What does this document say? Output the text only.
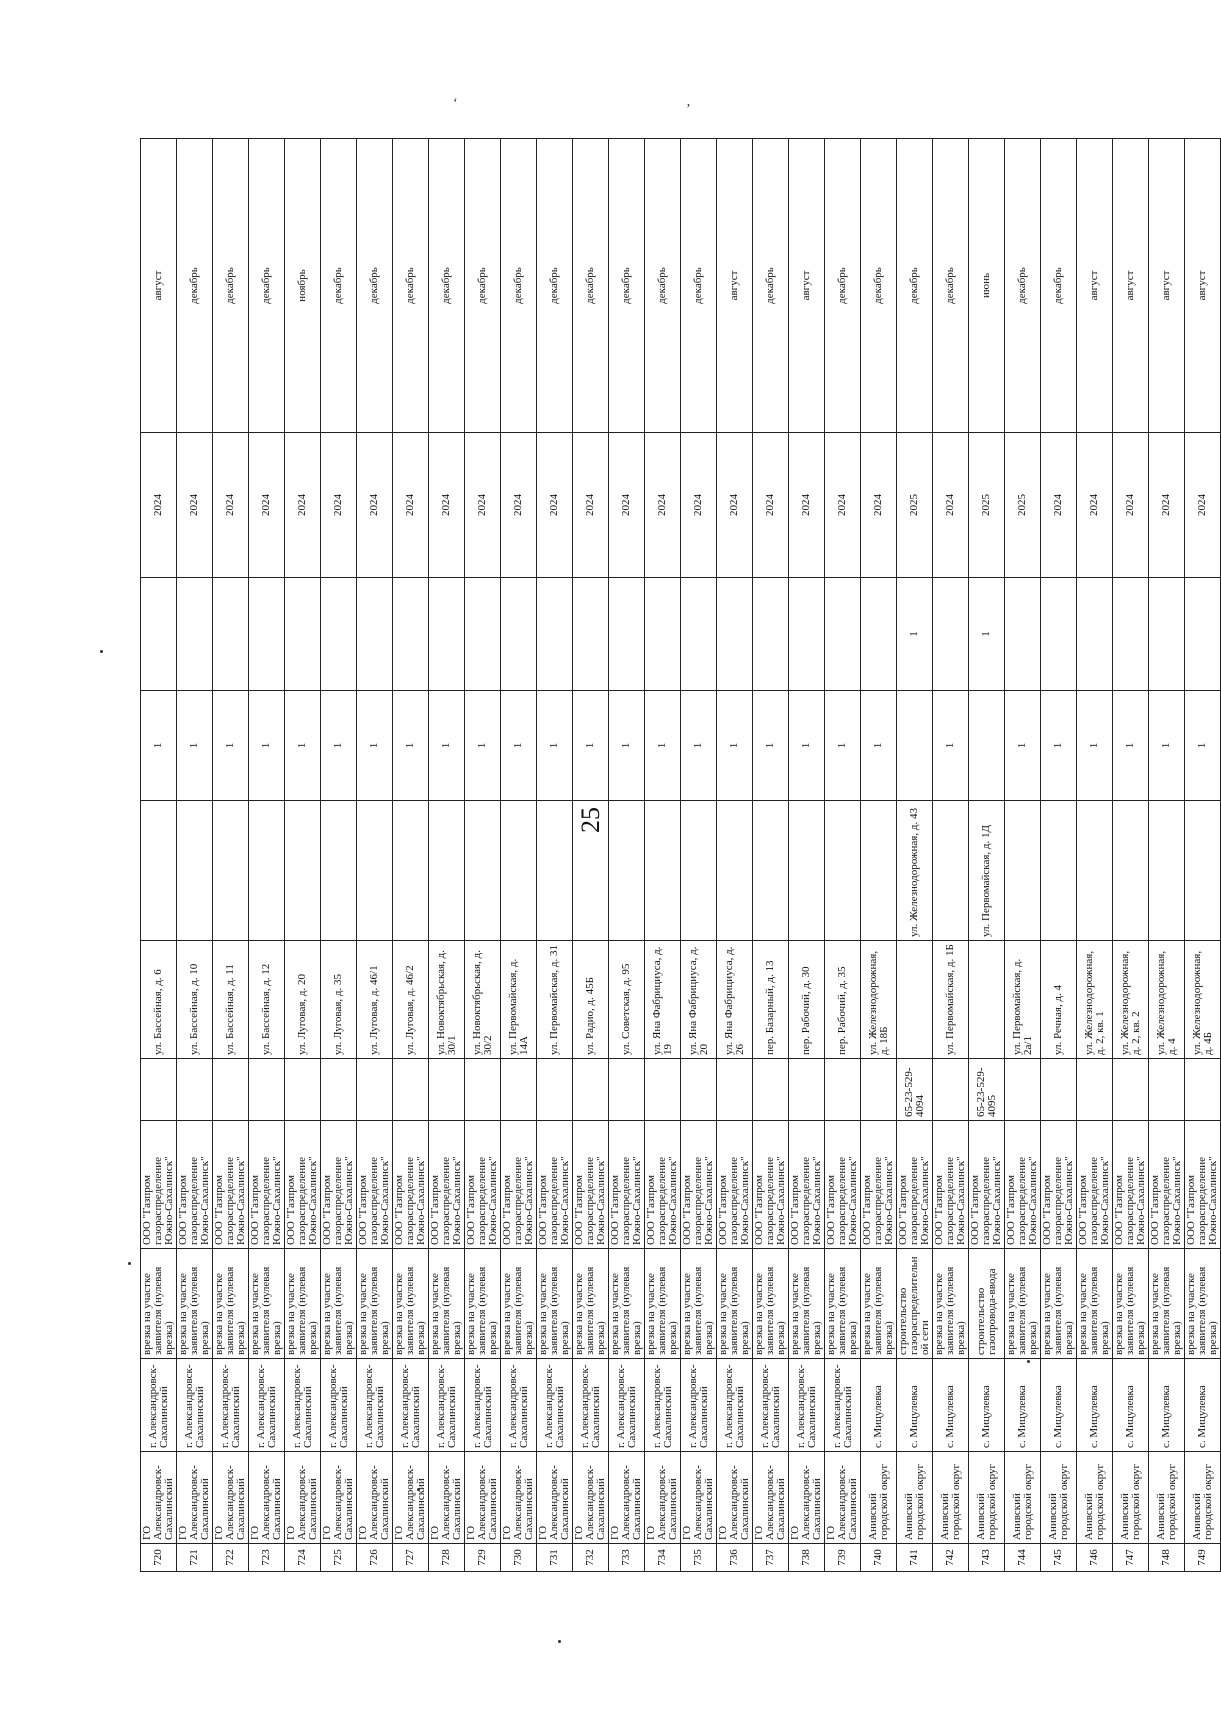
25
ʻ	ʼ
720	ГО Александровск-Сахалинский	г. Александровск-Сахалинский	врезка на участке заявителя (нулевая врезка)	ООО "Газпром газораспределение Южно-Сахалинск"		ул. Бассейная, д. 6		1		2024	август
721	ГО Александровск-Сахалинский	г. Александровск-Сахалинский	врезка на участке заявителя (нулевая врезка)	ООО "Газпром газораспределение Южно-Сахалинск"		ул. Бассейная, д. 10		1		2024	декабрь
722	ГО Александровск-Сахалинский	г. Александровск-Сахалинский	врезка на участке заявителя (нулевая врезка)	ООО "Газпром газораспределение Южно-Сахалинск"		ул. Бассейная, д. 11		1		2024	декабрь
723	ГО Александровск-Сахалинский	г. Александровск-Сахалинский	врезка на участке заявителя (нулевая врезка)	ООО "Газпром газораспределение Южно-Сахалинск"		ул. Бассейная, д. 12		1		2024	декабрь
724	ГО Александровск-Сахалинский	г. Александровск-Сахалинский	врезка на участке заявителя (нулевая врезка)	ООО "Газпром газораспределение Южно-Сахалинск"		ул. Луговая, д. 20		1		2024	ноябрь
725	ГО Александровск-Сахалинский	г. Александровск-Сахалинский	врезка на участке заявителя (нулевая врезка)	ООО "Газпром газораспределение Южно-Сахалинск"		ул. Луговая, д. 35		1		2024	декабрь
726	ГО Александровск-Сахалинский	г. Александровск-Сахалинский	врезка на участке заявителя (нулевая врезка)	ООО "Газпром газораспределение Южно-Сахалинск"		ул. Луговая, д. 46/1		1		2024	декабрь
727	ГО Александровск-Сахалинский	г. Александровск-Сахалинский	врезка на участке заявителя (нулевая врезка)	ООО "Газпром газораспределение Южно-Сахалинск"		ул. Луговая, д. 46/2		1		2024	декабрь
728	ГО Александровск-Сахалинский	г. Александровск-Сахалинский	врезка на участке заявителя (нулевая врезка)	ООО "Газпром газораспределение Южно-Сахалинск"		ул. Новоктябрьская, д. 30/1		1		2024	декабрь
729	ГО Александровск-Сахалинский	г. Александровск-Сахалинский	врезка на участке заявителя (нулевая врезка)	ООО "Газпром газораспределение Южно-Сахалинск"		ул. Новоктябрьская, д. 30/2		1		2024	декабрь
730	ГО Александровск-Сахалинский	г. Александровск-Сахалинский	врезка на участке заявителя (нулевая врезка)	ООО "Газпром газораспределение Южно-Сахалинск"		ул. Первомайская, д. 14А		1		2024	декабрь
731	ГО Александровск-Сахалинский	г. Александровск-Сахалинский	врезка на участке заявителя (нулевая врезка)	ООО "Газпром газораспределение Южно-Сахалинск"		ул. Первомайская, д. 31		1		2024	декабрь
732	ГО Александровск-Сахалинский	г. Александровск-Сахалинский	врезка на участке заявителя (нулевая врезка)	ООО "Газпром газораспределение Южно-Сахалинск"		ул. Радио, д. 45Б		1		2024	декабрь
733	ГО Александровск-Сахалинский	г. Александровск-Сахалинский	врезка на участке заявителя (нулевая врезка)	ООО "Газпром газораспределение Южно-Сахалинск"		ул. Советская, д. 95		1		2024	декабрь
734	ГО Александровск-Сахалинский	г. Александровск-Сахалинский	врезка на участке заявителя (нулевая врезка)	ООО "Газпром газораспределение Южно-Сахалинск"		ул. Яна Фабрициуса, д. 19		1		2024	декабрь
735	ГО Александровск-Сахалинский	г. Александровск-Сахалинский	врезка на участке заявителя (нулевая врезка)	ООО "Газпром газораспределение Южно-Сахалинск"		ул. Яна Фабрициуса, д. 20		1		2024	декабрь
736	ГО Александровск-Сахалинский	г. Александровск-Сахалинский	врезка на участке заявителя (нулевая врезка)	ООО "Газпром газораспределение Южно-Сахалинск"		ул. Яна Фабрициуса, д. 26		1		2024	август
737	ГО Александровск-Сахалинский	г. Александровск-Сахалинский	врезка на участке заявителя (нулевая врезка)	ООО "Газпром газораспределение Южно-Сахалинск"		пер. Базарный, д. 13		1		2024	декабрь
738	ГО Александровск-Сахалинский	г. Александровск-Сахалинский	врезка на участке заявителя (нулевая врезка)	ООО "Газпром газораспределение Южно-Сахалинск"		пер. Рабочий, д. 30		1		2024	август
739	ГО Александровск-Сахалинский	г. Александровск-Сахалинский	врезка на участке заявителя (нулевая врезка)	ООО "Газпром газораспределение Южно-Сахалинск"		пер. Рабочий, д. 35		1		2024	декабрь
740	Анивский городской округ	с. Мицулевка	врезка на участке заявителя (нулевая врезка)	ООО "Газпром газораспределение Южно-Сахалинск"		ул. Железнодорожная, д. 18Б		1		2024	декабрь
741	Анивский городской округ	с. Мицулевка	строительство газораспределительной сети	ООО "Газпром газораспределение Южно-Сахалинск"	65-23-529-4094		ул. Железнодорожная, д. 43		1	2025	декабрь
742	Анивский городской округ	с. Мицулевка	врезка на участке заявителя (нулевая врезка)	ООО "Газпром газораспределение Южно-Сахалинск"		ул. Первомайская, д. 1Б		1		2024	декабрь
743	Анивский городской округ	с. Мицулевка	строительство газопровода-ввода	ООО "Газпром газораспределение Южно-Сахалинск"	65-23-529-4095		ул. Первомайская, д. 1Д		1	2025	июнь
744	Анивский городской округ	с. Мицулевка	врезка на участке заявителя (нулевая врезка)	ООО "Газпром газораспределение Южно-Сахалинск"		ул. Первомайская, д. 2а/1		1		2025	декабрь
745	Анивский городской округ	с. Мицулевка	врезка на участке заявителя (нулевая врезка)	ООО "Газпром газораспределение Южно-Сахалинск"		ул. Речная, д. 4		1		2024	декабрь
746	Анивский городской округ	с. Мицулевка	врезка на участке заявителя (нулевая врезка)	ООО "Газпром газораспределение Южно-Сахалинск"		ул. Железнодорожная, д. 2, кв. 1		1		2024	август
747	Анивский городской округ	с. Мицулевка	врезка на участке заявителя (нулевая врезка)	ООО "Газпром газораспределение Южно-Сахалинск"		ул. Железнодорожная, д. 2, кв. 2		1		2024	август
748	Анивский городской округ	с. Мицулевка	врезка на участке заявителя (нулевая врезка)	ООО "Газпром газораспределение Южно-Сахалинск"		ул. Железнодорожная, д. 4		1		2024	август
749	Анивский городской округ	с. Мицулевка	врезка на участке заявителя (нулевая врезка)	ООО "Газпром газораспределение Южно-Сахалинск"		ул. Железнодорожная, д. 4Б		1		2024	август
